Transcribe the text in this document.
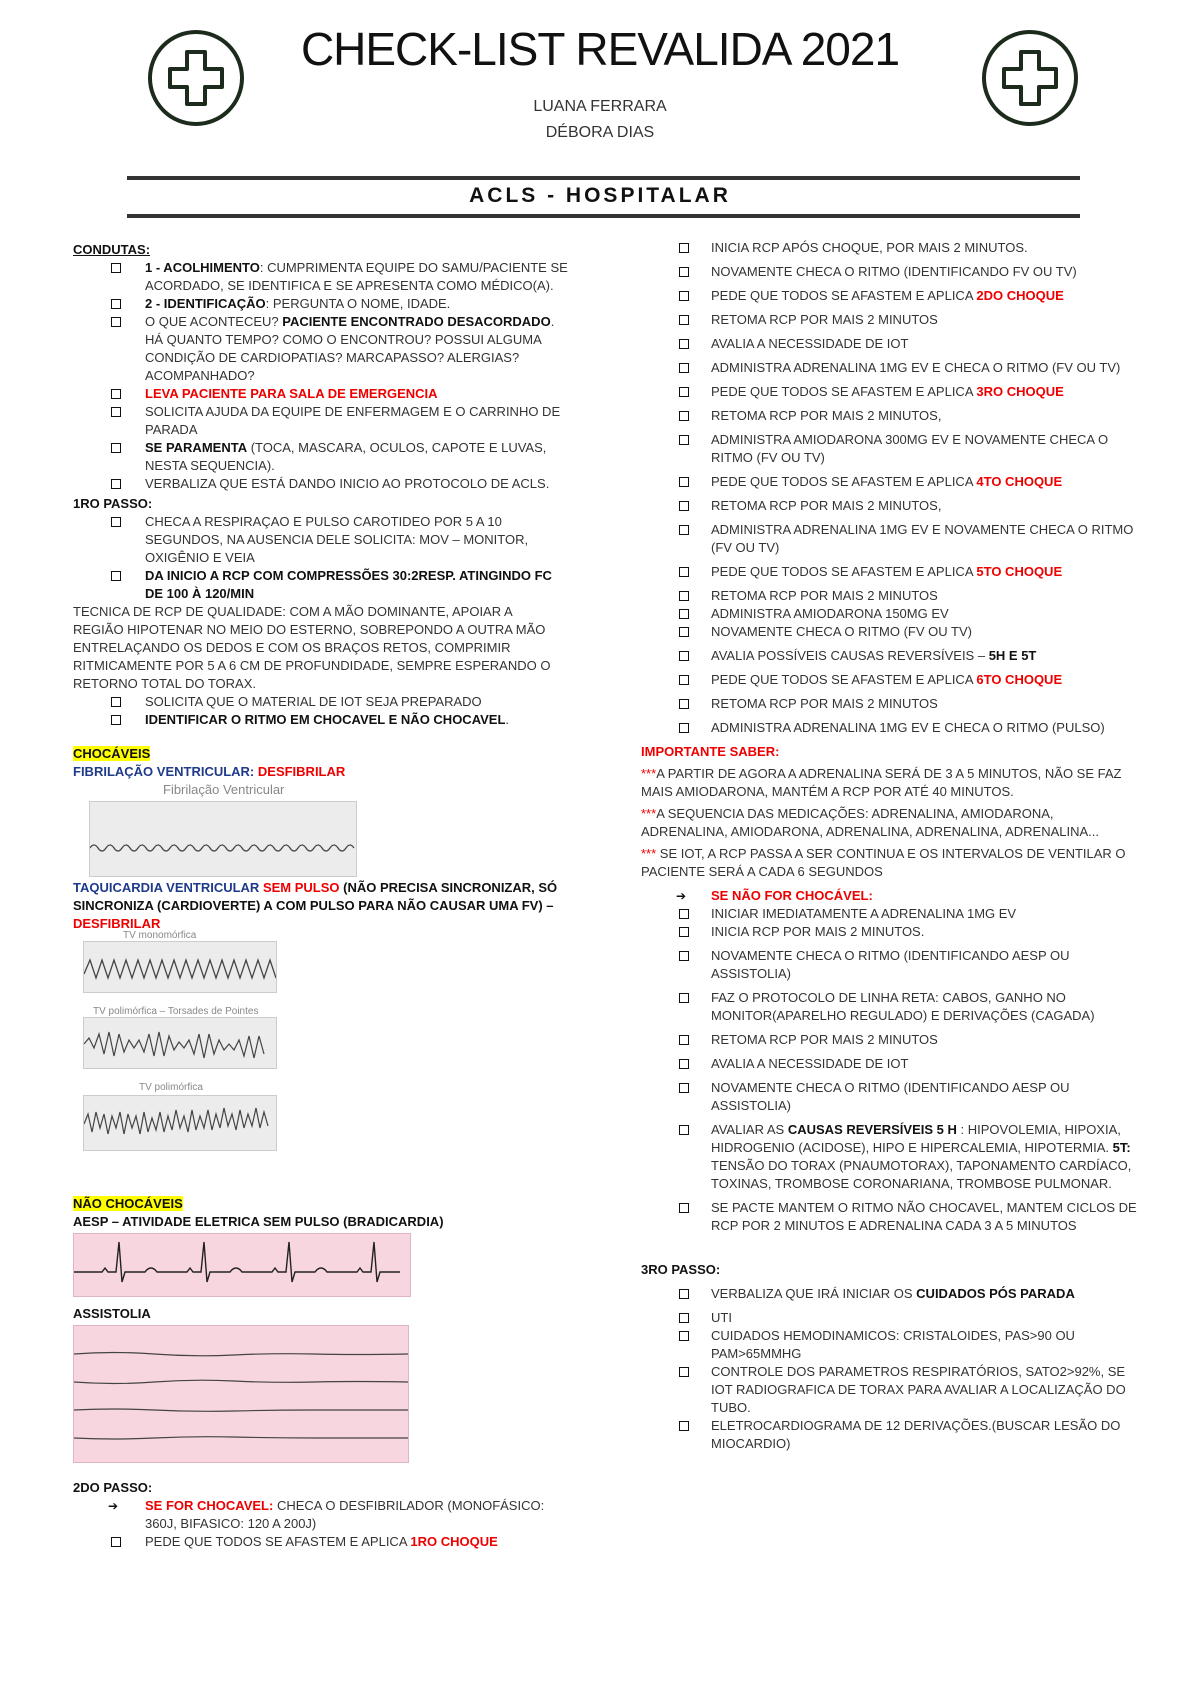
CHECK-LIST REVALIDA 2021
LUANA FERRARA
DÉBORA DIAS
ACLS - HOSPITALAR
CONDUTAS:
1 - ACOLHIMENTO: CUMPRIMENTA EQUIPE DO SAMU/PACIENTE SE ACORDADO, SE IDENTIFICA E SE APRESENTA COMO MÉDICO(A).
2 - IDENTIFICAÇÃO: PERGUNTA O NOME, IDADE.
O QUE ACONTECEU? PACIENTE ENCONTRADO DESACORDADO. HÁ QUANTO TEMPO? COMO O ENCONTROU? POSSUI ALGUMA CONDIÇÃO DE CARDIOPATIAS? MARCAPASSO? ALERGIAS? ACOMPANHADO?
LEVA PACIENTE PARA SALA DE EMERGENCIA
SOLICITA AJUDA DA EQUIPE DE ENFERMAGEM E O CARRINHO DE PARADA
SE PARAMENTA (TOCA, MASCARA, OCULOS, CAPOTE E LUVAS, NESTA SEQUENCIA).
VERBALIZA QUE ESTÁ DANDO INICIO AO PROTOCOLO DE ACLS.
1RO PASSO:
CHECA A RESPIRAÇAO E PULSO CAROTIDEO POR 5 A 10 SEGUNDOS, NA AUSENCIA DELE SOLICITA: MOV – MONITOR, OXIGÊNIO E VEIA
DA INICIO A RCP COM COMPRESSÕES 30:2RESP. ATINGINDO FC DE 100 À 120/MIN
TECNICA DE RCP DE QUALIDADE: COM A MÃO DOMINANTE, APOIAR A REGIÃO HIPOTENAR NO MEIO DO ESTERNO, SOBREPONDO A OUTRA MÃO ENTRELAÇANDO OS DEDOS E COM OS BRAÇOS RETOS, COMPRIMIR RITMICAMENTE POR 5 A 6 CM DE PROFUNDIDADE, SEMPRE ESPERANDO O RETORNO TOTAL DO TORAX.
SOLICITA QUE O MATERIAL DE IOT SEJA PREPARADO
IDENTIFICAR O RITMO EM CHOCAVEL E NÃO CHOCAVEL.
CHOCÁVEIS
FIBRILAÇÃO VENTRICULAR: DESFIBRILAR
Fibrilação Ventricular
TAQUICARDIA VENTRICULAR SEM PULSO (NÃO PRECISA SINCRONIZAR, SÓ SINCRONIZA (CARDIOVERTE) A COM PULSO PARA NÃO CAUSAR UMA FV) – DESFIBRILAR
TV monomórfica
TV polimórfica – Torsades de Pointes
TV polimórfica
NÃO CHOCÁVEIS
AESP – ATIVIDADE ELETRICA SEM PULSO (BRADICARDIA)
ASSISTOLIA
2DO PASSO:
➔ SE FOR CHOCAVEL: CHECA O DESFIBRILADOR (MONOFÁSICO: 360J, BIFASICO: 120 A 200J)
PEDE QUE TODOS SE AFASTEM E APLICA 1RO CHOQUE
INICIA RCP APÓS CHOQUE, POR MAIS 2 MINUTOS.
NOVAMENTE CHECA O RITMO (IDENTIFICANDO FV OU TV)
PEDE QUE TODOS SE AFASTEM E APLICA 2DO CHOQUE
RETOMA RCP POR MAIS 2 MINUTOS
AVALIA A NECESSIDADE DE IOT
ADMINISTRA ADRENALINA 1MG EV E CHECA O RITMO (FV OU TV)
PEDE QUE TODOS SE AFASTEM E APLICA 3RO CHOQUE
RETOMA RCP POR MAIS 2 MINUTOS,
ADMINISTRA AMIODARONA 300MG EV E NOVAMENTE CHECA O RITMO (FV OU TV)
PEDE QUE TODOS SE AFASTEM E APLICA 4TO CHOQUE
RETOMA RCP POR MAIS 2 MINUTOS,
ADMINISTRA ADRENALINA 1MG EV E NOVAMENTE CHECA O RITMO (FV OU TV)
PEDE QUE TODOS SE AFASTEM E APLICA 5TO CHOQUE
RETOMA RCP POR MAIS 2 MINUTOS
ADMINISTRA AMIODARONA 150MG EV
NOVAMENTE CHECA O RITMO (FV OU TV)
AVALIA POSSÍVEIS CAUSAS REVERSÍVEIS – 5H E 5T
PEDE QUE TODOS SE AFASTEM E APLICA 6TO CHOQUE
RETOMA RCP POR MAIS 2 MINUTOS
ADMINISTRA ADRENALINA 1MG EV E CHECA O RITMO (PULSO)
IMPORTANTE SABER:
***A PARTIR DE AGORA A ADRENALINA SERÁ DE 3 A 5 MINUTOS, NÃO SE FAZ MAIS AMIODARONA, MANTÉM A RCP POR ATÉ 40 MINUTOS.
***A SEQUENCIA DAS MEDICAÇÕES: ADRENALINA, AMIODARONA, ADRENALINA, AMIODARONA, ADRENALINA, ADRENALINA, ADRENALINA...
*** SE IOT, A RCP PASSA A SER CONTINUA E OS INTERVALOS DE VENTILAR O PACIENTE SERÁ A CADA 6 SEGUNDOS
➔ SE NÃO FOR CHOCÁVEL:
INICIAR IMEDIATAMENTE A ADRENALINA 1MG EV
INICIA RCP POR MAIS 2 MINUTOS.
NOVAMENTE CHECA O RITMO (IDENTIFICANDO AESP OU ASSISTOLIA)
FAZ O PROTOCOLO DE LINHA RETA: CABOS, GANHO NO MONITOR(APARELHO REGULADO) E DERIVAÇÕES (CAGADA)
RETOMA RCP POR MAIS 2 MINUTOS
AVALIA A NECESSIDADE DE IOT
NOVAMENTE CHECA O RITMO (IDENTIFICANDO AESP OU ASSISTOLIA)
AVALIAR AS CAUSAS REVERSÍVEIS 5 H : HIPOVOLEMIA, HIPOXIA, HIDROGENIO (ACIDOSE), HIPO E HIPERCALEMIA, HIPOTERMIA. 5T: TENSÃO DO TORAX (PNAUMOTORAX), TAPONAMENTO CARDÍACO, TOXINAS, TROMBOSE CORONARIANA, TROMBOSE PULMONAR.
SE PACTE MANTEM O RITMO NÃO CHOCAVEL, MANTEM CICLOS DE RCP POR 2 MINUTOS E ADRENALINA CADA 3 A 5 MINUTOS
3RO PASSO:
VERBALIZA QUE IRÁ INICIAR OS CUIDADOS PÓS PARADA
UTI
CUIDADOS HEMODINAMICOS: CRISTALOIDES, PAS>90 OU PAM>65MMHG
CONTROLE DOS PARAMETROS RESPIRATÓRIOS, SATO2>92%, SE IOT RADIOGRAFICA DE TORAX PARA AVALIAR A LOCALIZAÇÃO DO TUBO.
ELETROCARDIOGRAMA DE 12 DERIVAÇÕES.(BUSCAR LESÃO DO MIOCARDIO)
